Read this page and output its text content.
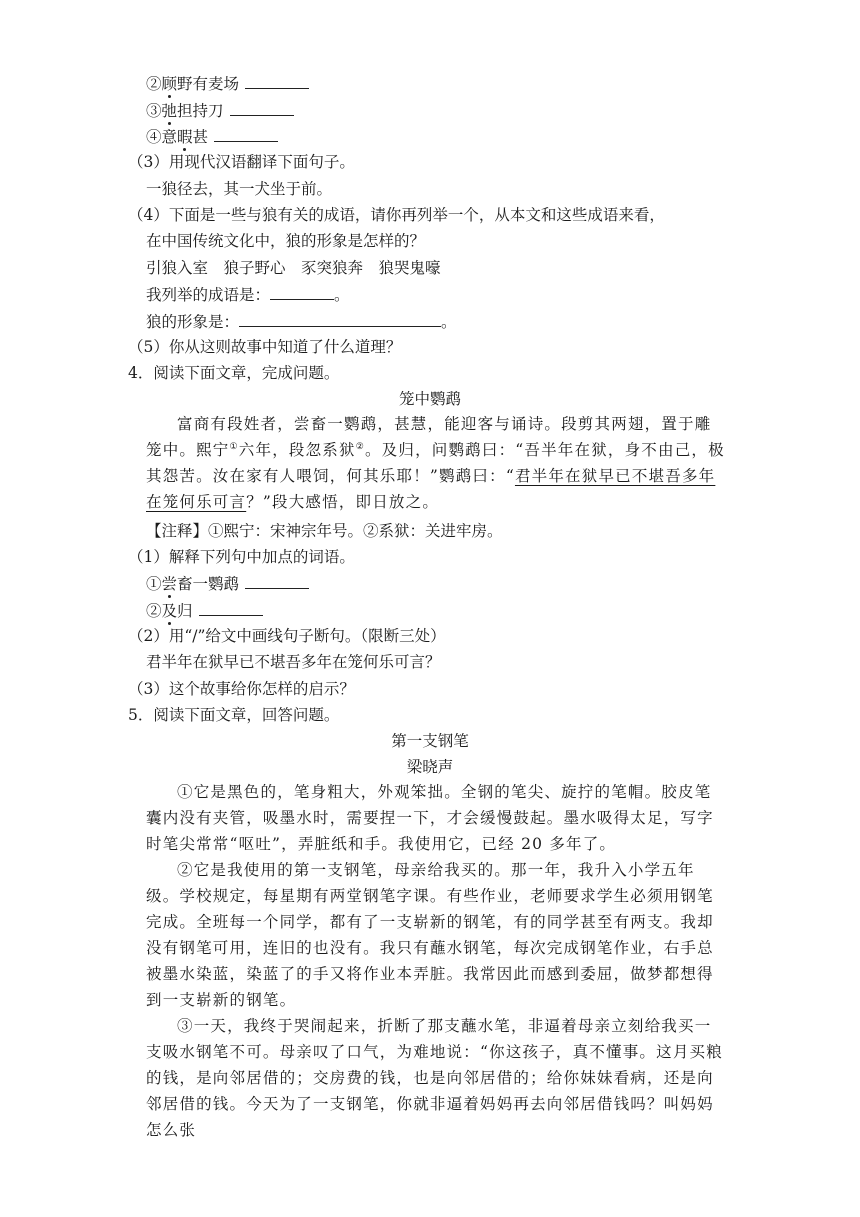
②顾野有麦场
③弛担持刀
④意暇甚
（3）用现代汉语翻译下面句子。
一狼径去，其一犬坐于前。
（4）下面是一些与狼有关的成语，请你再列举一个，从本文和这些成语来看，
在中国传统文化中，狼的形象是怎样的？
引狼入室　狼子野心　豕突狼奔　狼哭鬼嚎
我列举的成语是：	。
狼的形象是：	。
（5）你从这则故事中知道了什么道理？
4．阅读下面文章，完成问题。
笼中鹦鹉
富商有段姓者，尝畜一鹦鹉，甚慧，能迎客与诵诗。段剪其两翅，置于雕笼中。熙宁①六年，段忽系狱②。及归，问鹦鹉曰：“吾半年在狱，身不由己，极其怨苦。汝在家有人喂饲，何其乐耶！”鹦鹉曰：“君半年在狱早已不堪吾多年在笼何乐可言？”段大感悟，即日放之。
【注释】①熙宁：宋神宗年号。②系狱：关进牢房。
（1）解释下列句中加点的词语。
①尝畜一鹦鹉
②及归
（2）用“/”给文中画线句子断句。（限断三处）
君半年在狱早已不堪吾多年在笼何乐可言？
（3）这个故事给你怎样的启示？
5．阅读下面文章，回答问题。
第一支钢笔
梁晓声
①它是黑色的，笔身粗大，外观笨拙。全钢的笔尖、旋拧的笔帽。胶皮笔囊内没有夹管，吸墨水时，需要捏一下，才会缓慢鼓起。墨水吸得太足，写字时笔尖常常“呕吐”，弄脏纸和手。我使用它，已经 20 多年了。
②它是我使用的第一支钢笔，母亲给我买的。那一年，我升入小学五年级。学校规定，每星期有两堂钢笔字课。有些作业，老师要求学生必须用钢笔完成。全班每一个同学，都有了一支崭新的钢笔，有的同学甚至有两支。我却没有钢笔可用，连旧的也没有。我只有蘸水钢笔，每次完成钢笔作业，右手总被墨水染蓝，染蓝了的手又将作业本弄脏。我常因此而感到委屈，做梦都想得到一支崭新的钢笔。
③一天，我终于哭闹起来，折断了那支蘸水笔，非逼着母亲立刻给我买一支吸水钢笔不可。母亲叹了口气，为难地说：“你这孩子，真不懂事。这月买粮的钱，是向邻居借的；交房费的钱，也是向邻居借的；给你妹妹看病，还是向邻居借的钱。今天为了一支钢笔，你就非逼着妈妈再去向邻居借钱吗？叫妈妈怎么张
